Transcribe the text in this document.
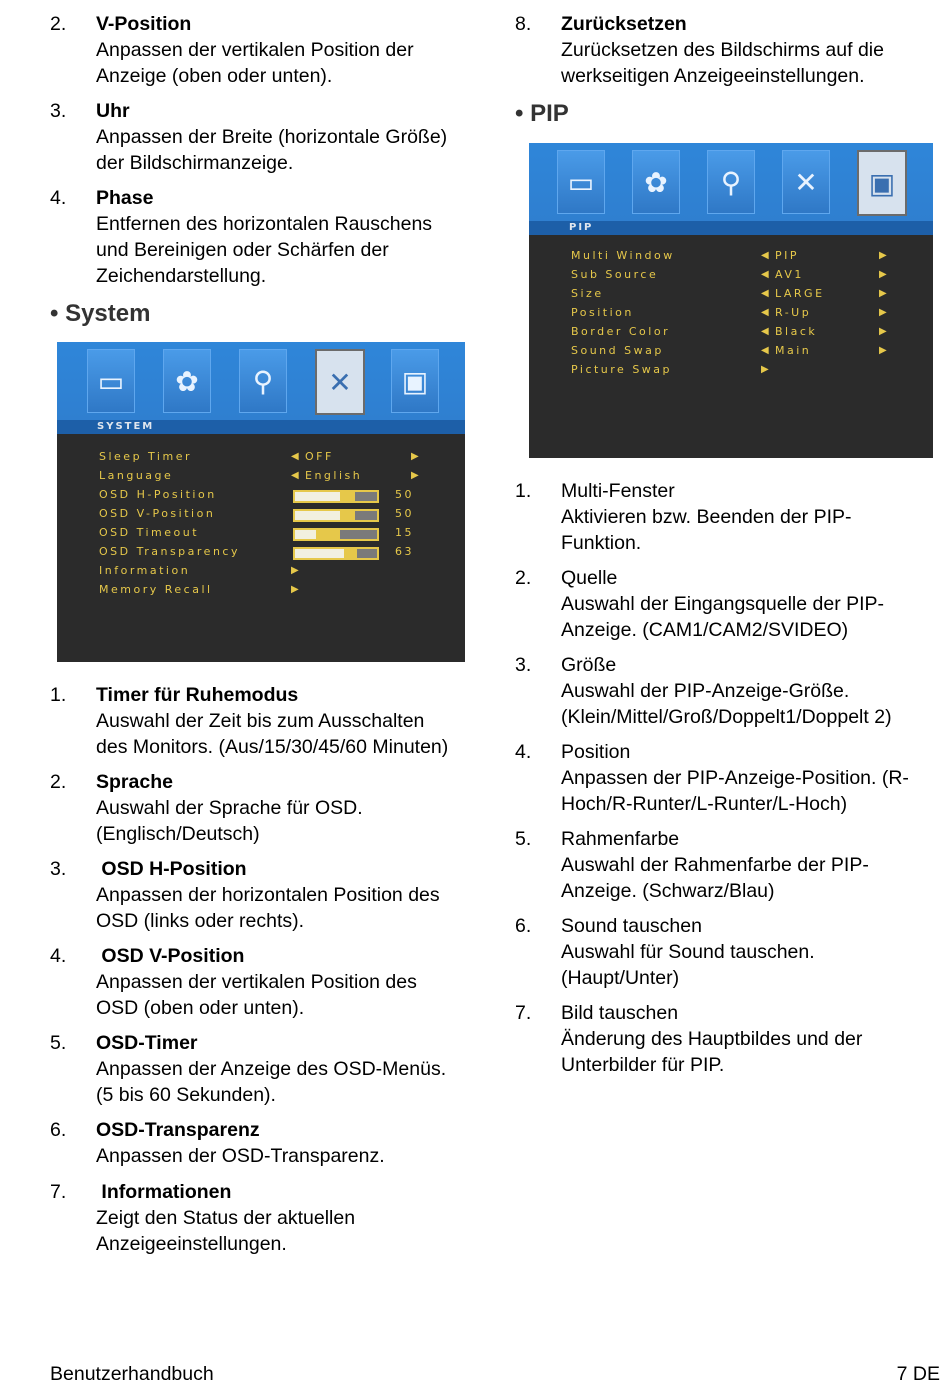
2. V-Position
Anpassen der vertikalen Position der
Anzeige (oben oder unten).
3. Uhr
Anpassen der Breite (horizontale Größe)
der Bildschirmanzeige.
4. Phase
Entfernen des horizontalen Rauschens
und Bereinigen oder Schärfen der
Zeichendarstellung.
• System
▭	✿	⚲	✕	▣
SYSTEM
Sleep Timer	◀ OFF	▶
Language	◀ English	▶
OSD H-Position	50
OSD V-Position	50
OSD Timeout	15
OSD Transparency	63
Information	▶
Memory Recall	▶
1. Timer für Ruhemodus
Auswahl der Zeit bis zum Ausschalten
des Monitors. (Aus/15/30/45/60 Minuten)
2. Sprache
Auswahl der Sprache für OSD.
(Englisch/Deutsch)
3. OSD H-Position
Anpassen der horizontalen Position des
OSD (links oder rechts).
4. OSD V-Position
Anpassen der vertikalen Position des
OSD (oben oder unten).
5. OSD-Timer
Anpassen der Anzeige des OSD-Menüs.
(5 bis 60 Sekunden).
6. OSD-Transparenz
Anpassen der OSD-Transparenz.
7. Informationen
Zeigt den Status der aktuellen
Anzeigeeinstellungen.
8. Zurücksetzen
Zurücksetzen des Bildschirms auf die
werkseitigen Anzeigeeinstellungen.
• PIP
▭	✿	⚲	✕	▣
PIP
Multi Window	◀ PIP	▶
Sub Source	◀ AV1	▶
Size	◀ LARGE	▶
Position	◀ R-Up	▶
Border Color	◀ Black	▶
Sound Swap	◀ Main	▶
Picture Swap	▶
1. Multi-Fenster
Aktivieren bzw. Beenden der PIP-
Funktion.
2. Quelle
Auswahl der Eingangsquelle der PIP-
Anzeige. (CAM1/CAM2/SVIDEO)
3. Größe
Auswahl der PIP-Anzeige-Größe.
(Klein/Mittel/Groß/Doppelt1/Doppelt 2)
4. Position
Anpassen der PIP-Anzeige-Position. (R-
Hoch/R-Runter/L-Runter/L-Hoch)
5. Rahmenfarbe
Auswahl der Rahmenfarbe der PIP-
Anzeige. (Schwarz/Blau)
6. Sound tauschen
Auswahl für Sound tauschen.
(Haupt/Unter)
7. Bild tauschen
Änderung des Hauptbildes und der
Unterbilder für PIP.
Benutzerhandbuch	7 DE
